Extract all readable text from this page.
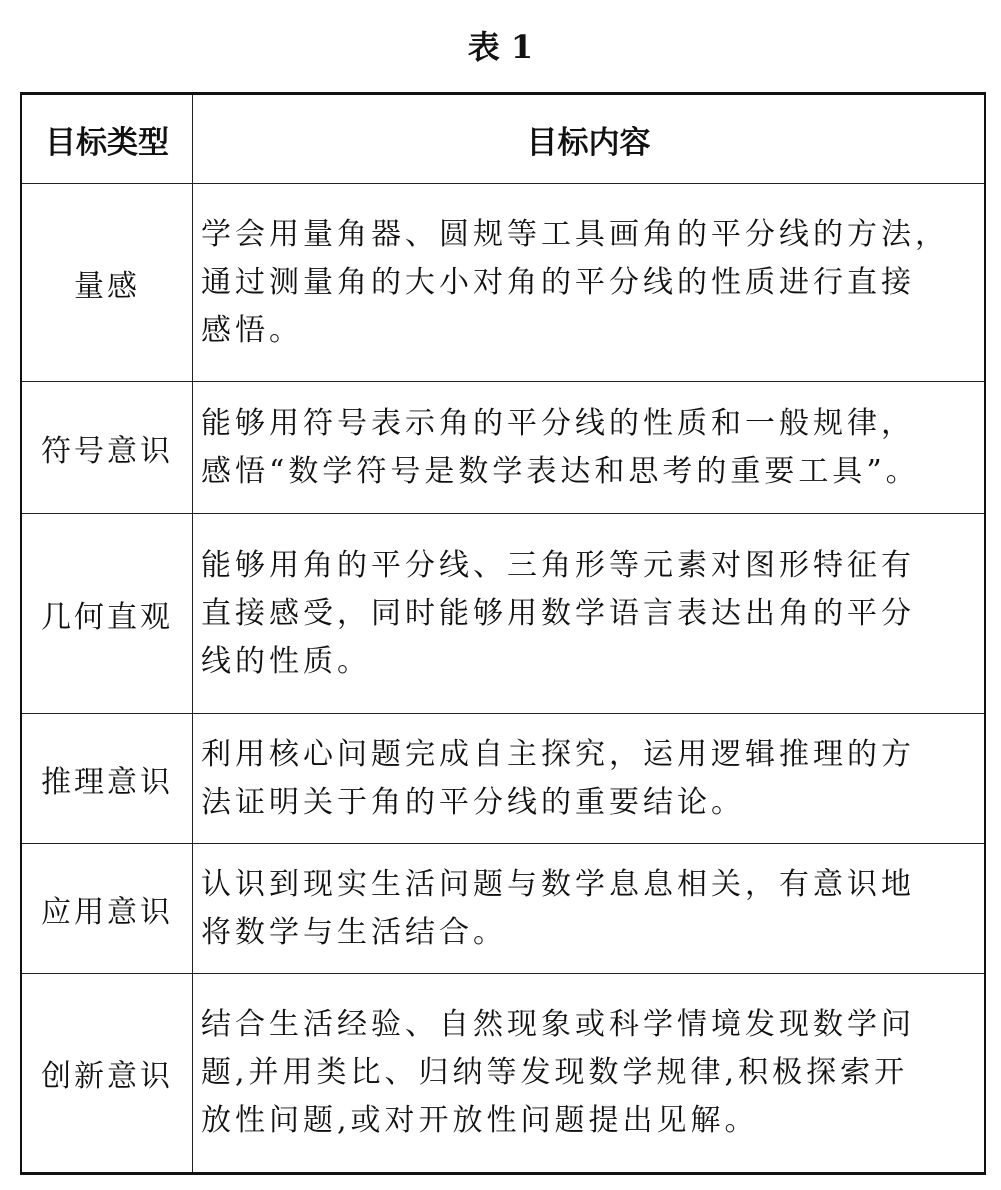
表 1
目标类型	目标内容
量感	学会用量角器、圆规等工具画角的平分线的方法，
通过测量角的大小对角的平分线的性质进行直接
感悟。

符号意识	能够用符号表示角的平分线的性质和一般规律，
感悟“数学符号是数学表达和思考的重要工具”。

几何直观	能够用角的平分线、三角形等元素对图形特征有
直接感受，同时能够用数学语言表达出角的平分
线的性质。

推理意识	利用核心问题完成自主探究，运用逻辑推理的方
法证明关于角的平分线的重要结论。

应用意识	认识到现实生活问题与数学息息相关，有意识地
将数学与生活结合。

创新意识	结合生活经验、自然现象或科学情境发现数学问
题,并用类比、归纳等发现数学规律,积极探索开
放性问题,或对开放性问题提出见解。
